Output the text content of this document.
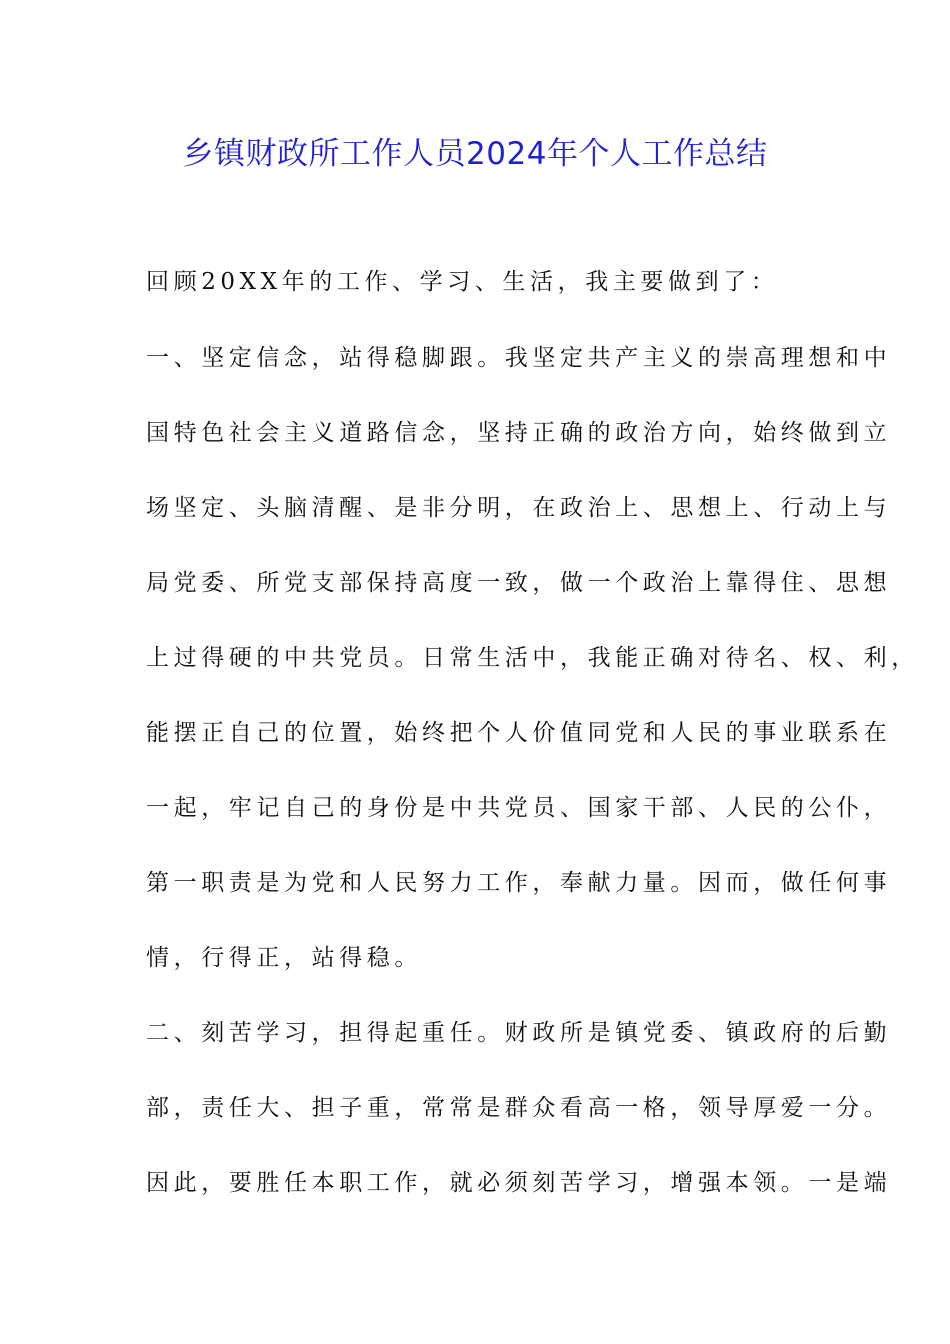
乡镇财政所工作人员2024年个人工作总结
回顾20XX年的工作、学习、生活，我主要做到了：
一、坚定信念，站得稳脚跟。我坚定共产主义的崇高理想和中
国特色社会主义道路信念，坚持正确的政治方向，始终做到立
场坚定、头脑清醒、是非分明，在政治上、思想上、行动上与
局党委、所党支部保持高度一致，做一个政治上靠得住、思想
上过得硬的中共党员。日常生活中，我能正确对待名、权、利，
能摆正自己的位置，始终把个人价值同党和人民的事业联系在
一起，牢记自己的身份是中共党员、国家干部、人民的公仆，
第一职责是为党和人民努力工作，奉献力量。因而，做任何事
情，行得正，站得稳。
二、刻苦学习，担得起重任。财政所是镇党委、镇政府的后勤
部，责任大、担子重，常常是群众看高一格，领导厚爱一分。
因此，要胜任本职工作，就必须刻苦学习，增强本领。一是端
